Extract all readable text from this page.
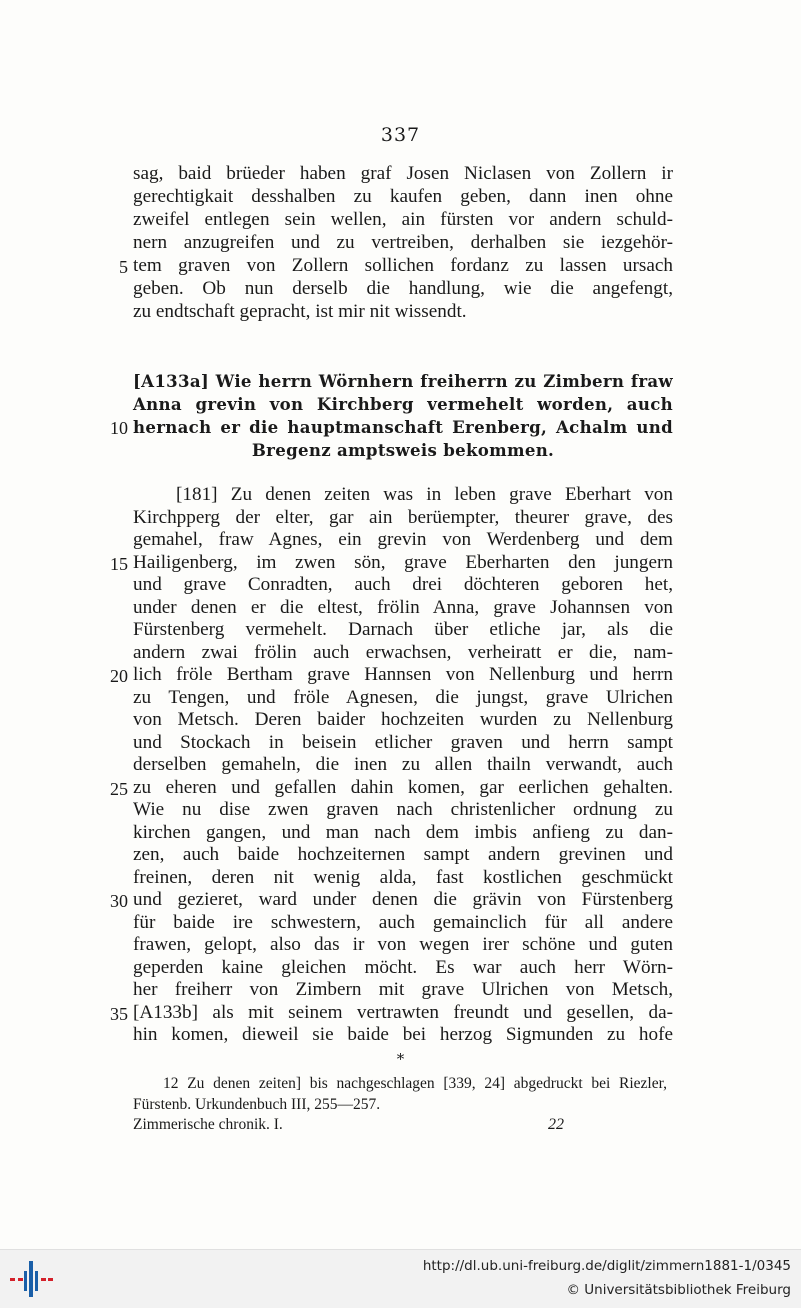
337
sag, baid brüeder haben graf Josen Niclasen von Zollern ir
gerechtigkait desshalben zu kaufen geben, dann inen ohne
zweifel entlegen sein wellen, ain fürsten vor andern schuld-
nern anzugreifen und zu vertreiben, derhalben sie iezgehör-
tem graven von Zollern sollichen fordanz zu lassen ursach
geben. Ob nun derselb die handlung, wie die angefengt,
zu endtschaft gepracht, ist mir nit wissendt.
[A133a] Wie herrn Wörnhern freiherrn zu Zimbern fraw
Anna grevin von Kirchberg vermehelt worden, auch
hernach er die hauptmanschaft Erenberg, Achalm und
Bregenz amptsweis bekommen.
[181] Zu denen zeiten was in leben grave Eberhart von
Kirchpperg der elter, gar ain berüempter, theurer grave, des
gemahel, fraw Agnes, ein grevin von Werdenberg und dem
Hailigenberg, im zwen sön, grave Eberharten den jungern
und grave Conradten, auch drei döchteren geboren het,
under denen er die eltest, frölin Anna, grave Johannsen von
Fürstenberg vermehelt. Darnach über etliche jar, als die
andern zwai frölin auch erwachsen, verheiratt er die, nam-
lich fröle Bertham grave Hannsen von Nellenburg und herrn
zu Tengen, und fröle Agnesen, die jungst, grave Ulrichen
von Metsch. Deren baider hochzeiten wurden zu Nellenburg
und Stockach in beisein etlicher graven und herrn sampt
derselben gemaheln, die inen zu allen thailn verwandt, auch
zu eheren und gefallen dahin komen, gar eerlichen gehalten.
Wie nu dise zwen graven nach christenlicher ordnung zu
kirchen gangen, und man nach dem imbis anfieng zu dan-
zen, auch baide hochzeiternen sampt andern grevinen und
freinen, deren nit wenig alda, fast kostlichen geschmückt
und gezieret, ward under denen die grävin von Fürstenberg
für baide ire schwestern, auch gemainclich für all andere
frawen, gelopt, also das ir von wegen irer schöne und guten
geperden kaine gleichen möcht. Es war auch herr Wörn-
her freiherr von Zimbern mit grave Ulrichen von Metsch,
[A133b] als mit seinem vertrawten freundt und gesellen, da-
hin komen, dieweil sie baide bei herzog Sigmunden zu hofe
5
10
15
20
25
30
35
*
12 Zu denen zeiten] bis nachgeschlagen [339, 24] abgedruckt bei Riezler,
Fürstenb. Urkundenbuch III, 255—257.
Zimmerische chronik. I.	22
http://dl.ub.uni-freiburg.de/diglit/zimmern1881-1/0345
© Universitätsbibliothek Freiburg
